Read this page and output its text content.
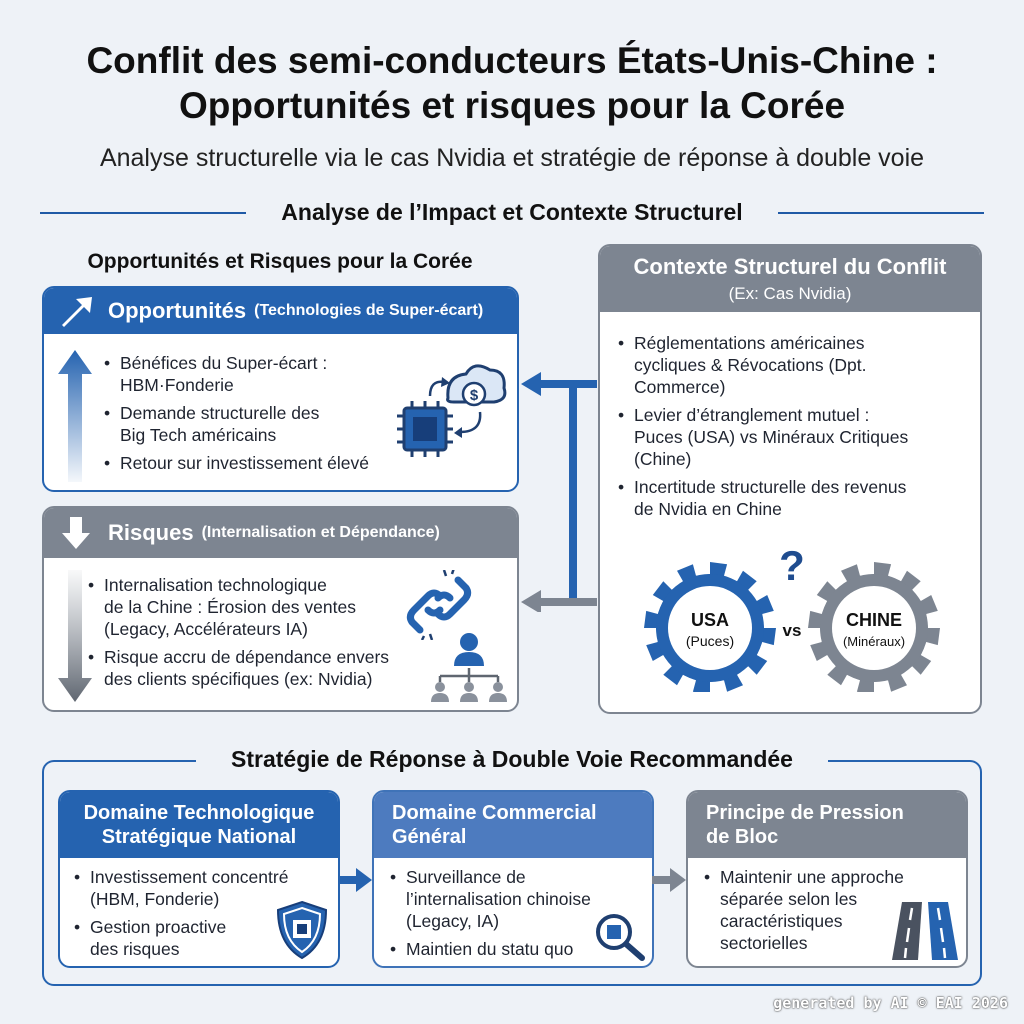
Conflit des semi-conducteurs États-Unis-Chine :
Opportunités et risques pour la Corée
Analyse structurelle via le cas Nvidia et stratégie de réponse à double voie
Analyse de l’Impact et Contexte Structurel
Opportunités et Risques pour la Corée
Opportunités (Technologies de Super-écart)
• Bénéfices du Super-écart :
HBM·Fonderie
• Demande structurelle des
Big Tech américains
• Retour sur investissement élevé
$
Risques (Internalisation et Dépendance)
• Internalisation technologique
de la Chine : Érosion des ventes
(Legacy, Accélérateurs IA)
• Risque accru de dépendance envers
des clients spécifiques (ex: Nvidia)
Contexte Structurel du Conflit
(Ex: Cas Nvidia)
• Réglementations américaines
cycliques & Révocations (Dpt.
Commerce)
• Levier d’étranglement mutuel :
Puces (USA) vs Minéraux Critiques
(Chine)
• Incertitude structurelle des revenus
de Nvidia en Chine
USA
(Puces)
vs
?
CHINE
(Minéraux)
Stratégie de Réponse à Double Voie Recommandée
Domaine Technologique
Stratégique National
• Investissement concentré
(HBM, Fonderie)
• Gestion proactive
des risques
Domaine Commercial
Général
• Surveillance de
l’internalisation chinoise
(Legacy, IA)
• Maintien du statu quo
Principe de Pression
de Bloc
• Maintenir une approche
séparée selon les
caractéristiques
sectorielles
generated by AI © EAI 2026
